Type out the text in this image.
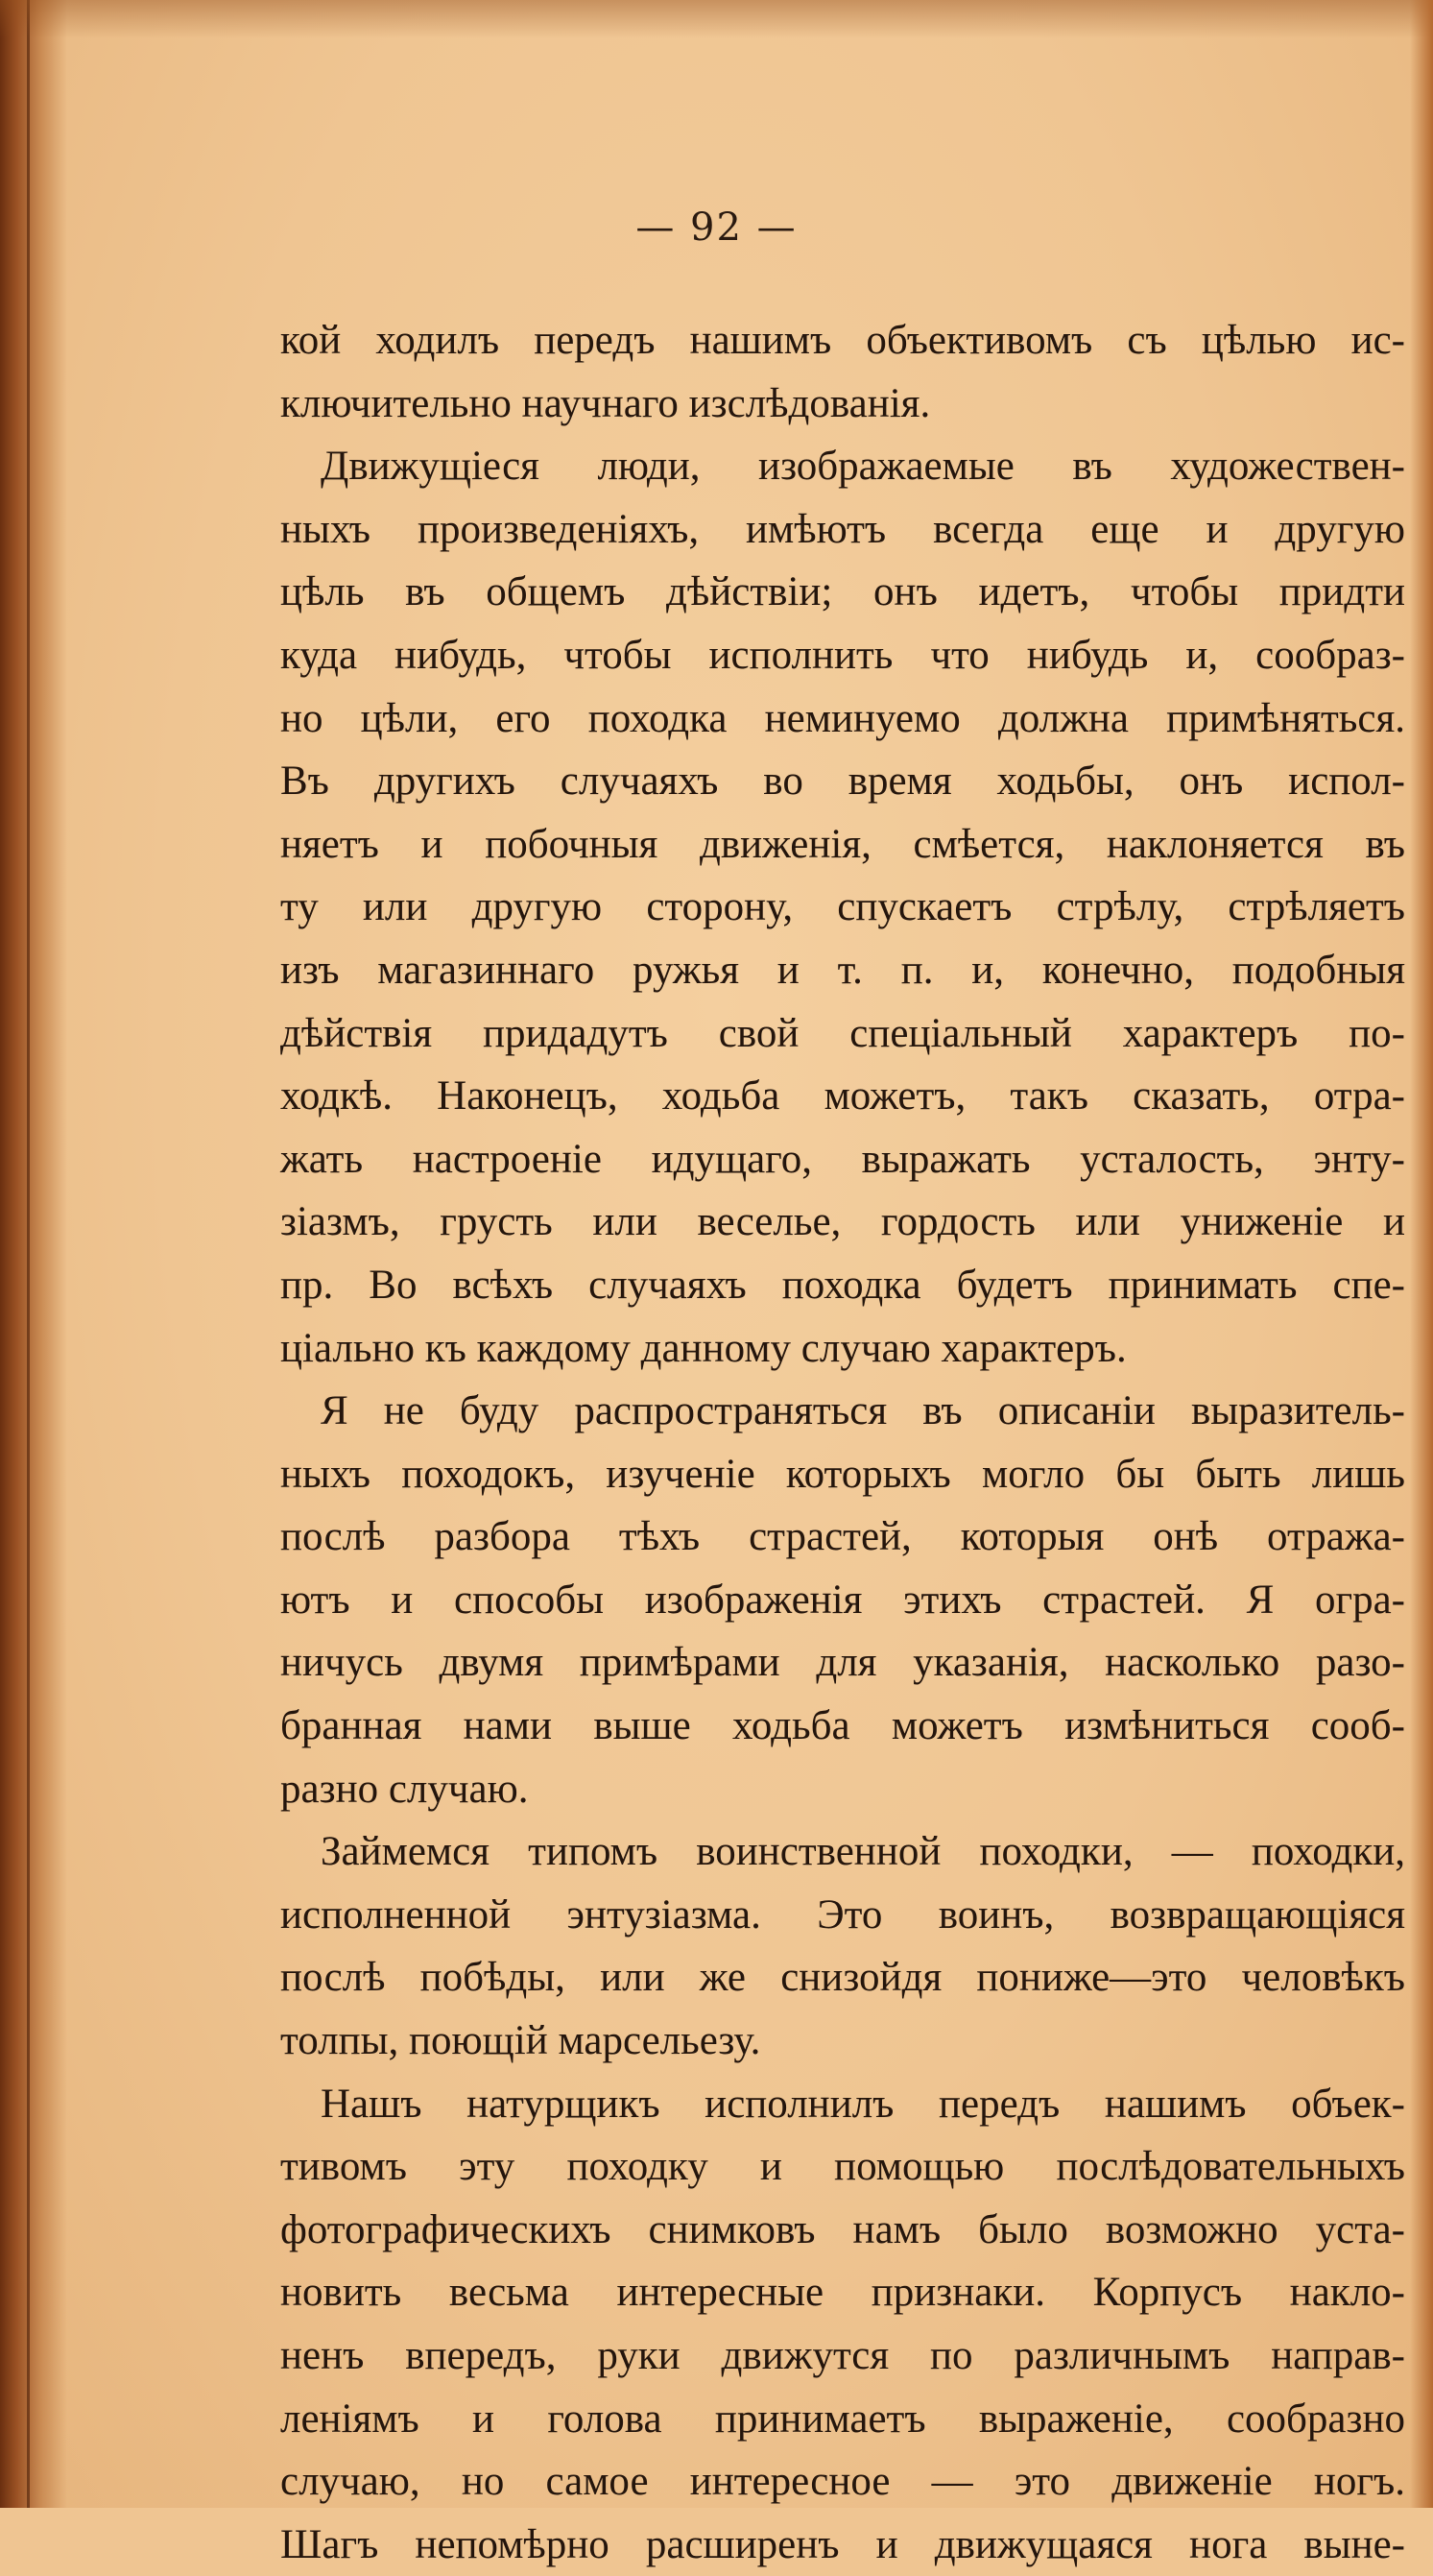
— 92 —
кой ходилъ передъ нашимъ объективомъ съ цѣлью ис-
ключительно научнаго изслѣдованія.
Движущіеся люди, изображаемые въ художествен-
ныхъ произведеніяхъ, имѣютъ всегда еще и другую
цѣль въ общемъ дѣйствіи; онъ идетъ, чтобы придти
куда нибудь, чтобы исполнить что нибудь и, сообраз-
но цѣли, его походка неминуемо должна примѣняться.
Въ другихъ случаяхъ во время ходьбы, онъ испол-
няетъ и побочныя движенія, смѣется, наклоняется въ
ту или другую сторону, спускаетъ стрѣлу, стрѣляетъ
изъ магазиннаго ружья и т. п. и, конечно, подобныя
дѣйствія придадутъ свой спеціальный характеръ по-
ходкѣ. Наконецъ, ходьба можетъ, такъ сказать, отра-
жать настроеніе идущаго, выражать усталость, энту-
зіазмъ, грусть или веселье, гордость или униженіе и
пр. Во всѣхъ случаяхъ походка будетъ принимать спе-
ціально къ каждому данному случаю характеръ.
Я не буду распространяться въ описаніи выразитель-
ныхъ походокъ, изученіе которыхъ могло бы быть лишь
послѣ разбора тѣхъ страстей, которыя онѣ отража-
ютъ и способы изображенія этихъ страстей. Я огра-
ничусь двумя примѣрами для указанія, насколько разо-
бранная нами выше ходьба можетъ измѣниться сооб-
разно случаю.
Займемся типомъ воинственной походки, — походки,
исполненной энтузіазма. Это воинъ, возвращающіяся
послѣ побѣды, или же снизойдя пониже—это человѣкъ
толпы, поющій марсельезу.
Нашъ натурщикъ исполнилъ передъ нашимъ объек-
тивомъ эту походку и помощью послѣдовательныхъ
фотографическихъ снимковъ намъ было возможно уста-
новить весьма интересные признаки. Корпусъ накло-
ненъ впередъ, руки движутся по различнымъ направ-
леніямъ и голова принимаетъ выраженіе, сообразно
случаю, но самое интересное — это движеніе ногъ.
Шагъ непомѣрно расширенъ и движущаяся нога выне-
